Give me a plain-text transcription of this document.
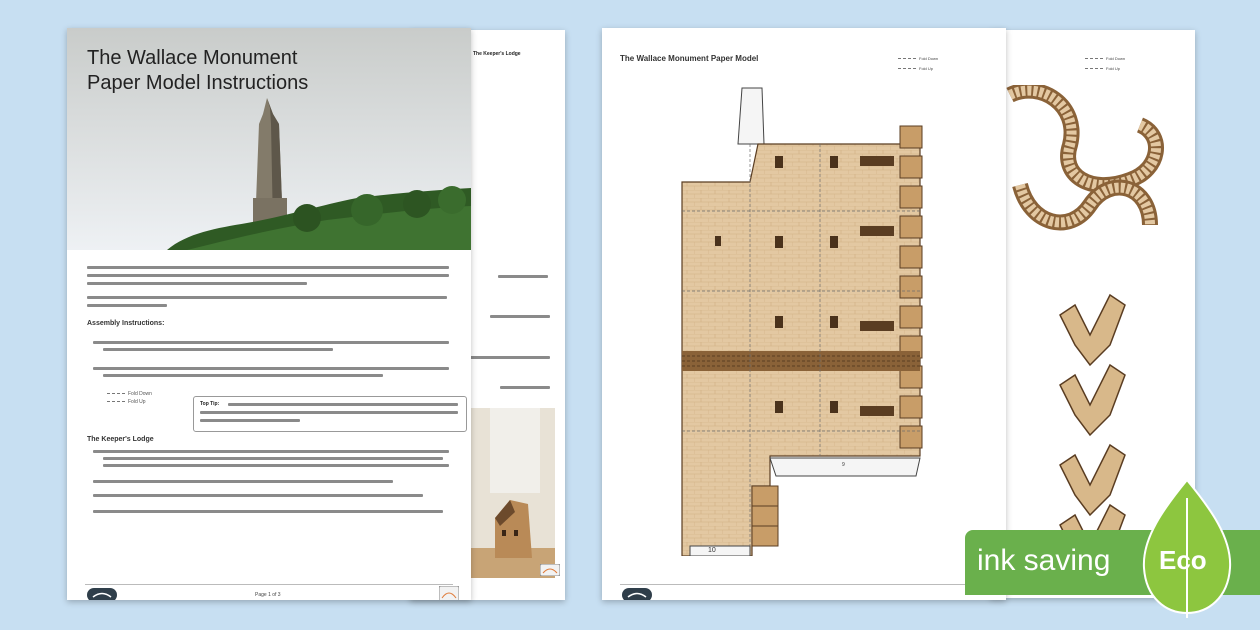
The Keeper's Lodge
The Wallace Monument
Paper Model Instructions
Assembly Instructions:
Fold Down
Fold Up	Top Tip:
The Keeper's Lodge
Page 1 of 3
Fold Down
Fold Up
The Wallace Monument Paper Model	Fold Down
Fold Up
9
10	ink saving Eco
